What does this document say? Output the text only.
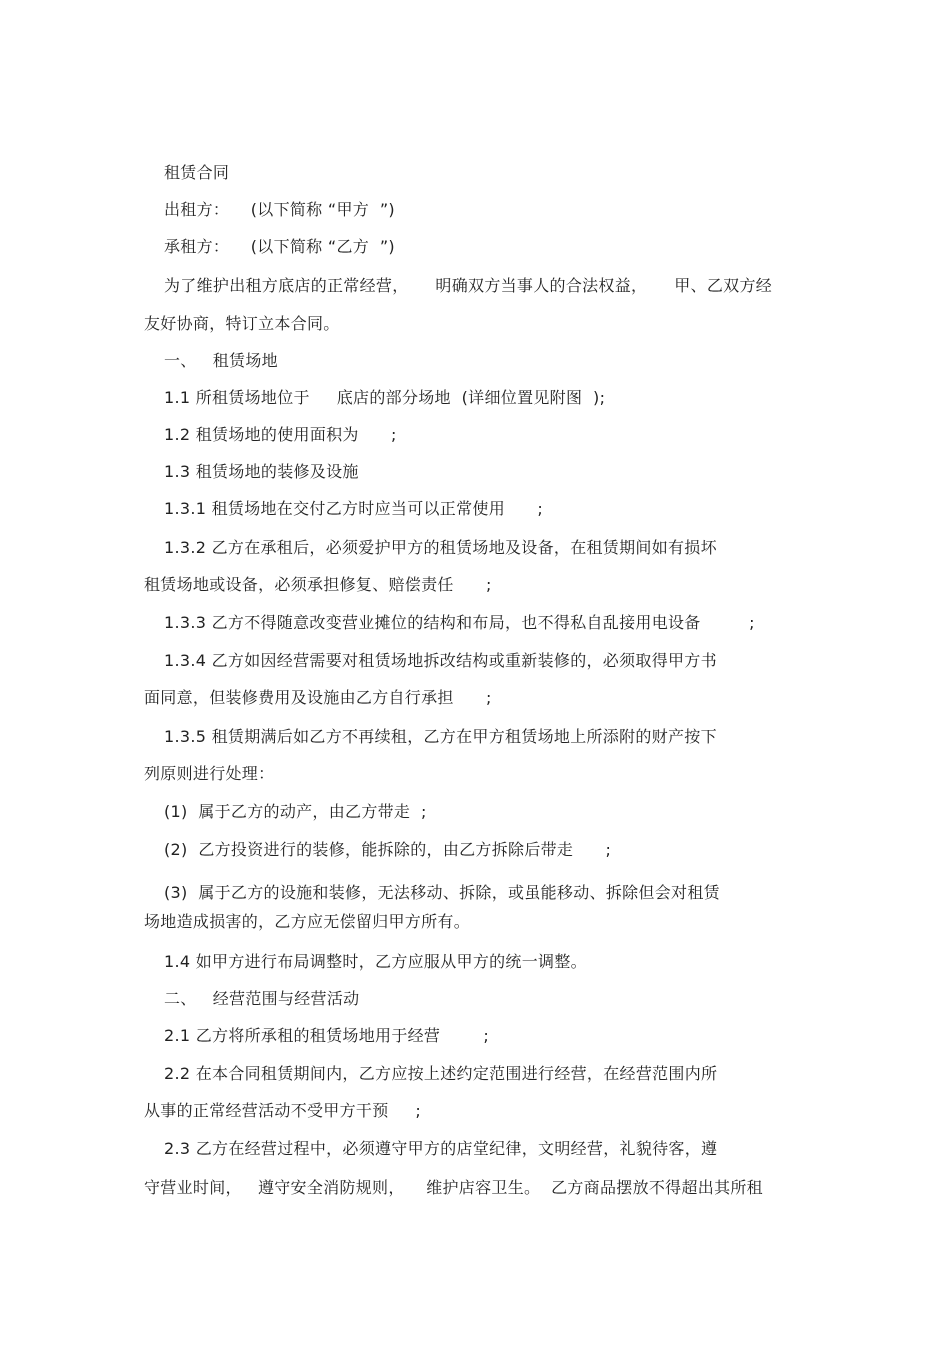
租赁合同
出租方：    (以下简称 “甲方  ”)
承租方：    (以下简称 “乙方  ”)
为了维护出租方底店的正常经营，     明确双方当事人的合法权益，     甲、乙双方经
友好协商，特订立本合同。
一、   租赁场地
1.1 所租赁场地位于     底店的部分场地  (详细位置见附图  );
1.2 租赁场地的使用面积为      ;
1.3 租赁场地的装修及设施
1.3.1 租赁场地在交付乙方时应当可以正常使用      ;
1.3.2 乙方在承租后，必须爱护甲方的租赁场地及设备，在租赁期间如有损坏
租赁场地或设备，必须承担修复、赔偿责任      ;
1.3.3 乙方不得随意改变营业摊位的结构和布局，也不得私自乱接用电设备         ;
1.3.4 乙方如因经营需要对租赁场地拆改结构或重新装修的，必须取得甲方书
面同意，但装修费用及设施由乙方自行承担      ;
1.3.5 租赁期满后如乙方不再续租，乙方在甲方租赁场地上所添附的财产按下
列原则进行处理：
(1)  属于乙方的动产，由乙方带走  ;
(2)  乙方投资进行的装修，能拆除的，由乙方拆除后带走      ;
(3)  属于乙方的设施和装修，无法移动、拆除，或虽能移动、拆除但会对租赁
场地造成损害的，乙方应无偿留归甲方所有。
1.4 如甲方进行布局调整时，乙方应服从甲方的统一调整。
二、   经营范围与经营活动
2.1 乙方将所承租的租赁场地用于经营        ;
2.2 在本合同租赁期间内，乙方应按上述约定范围进行经营，在经营范围内所
从事的正常经营活动不受甲方干预     ;
2.3 乙方在经营过程中，必须遵守甲方的店堂纪律，文明经营，礼貌待客，遵
守营业时间，   遵守安全消防规则，    维护店容卫生。  乙方商品摆放不得超出其所租
